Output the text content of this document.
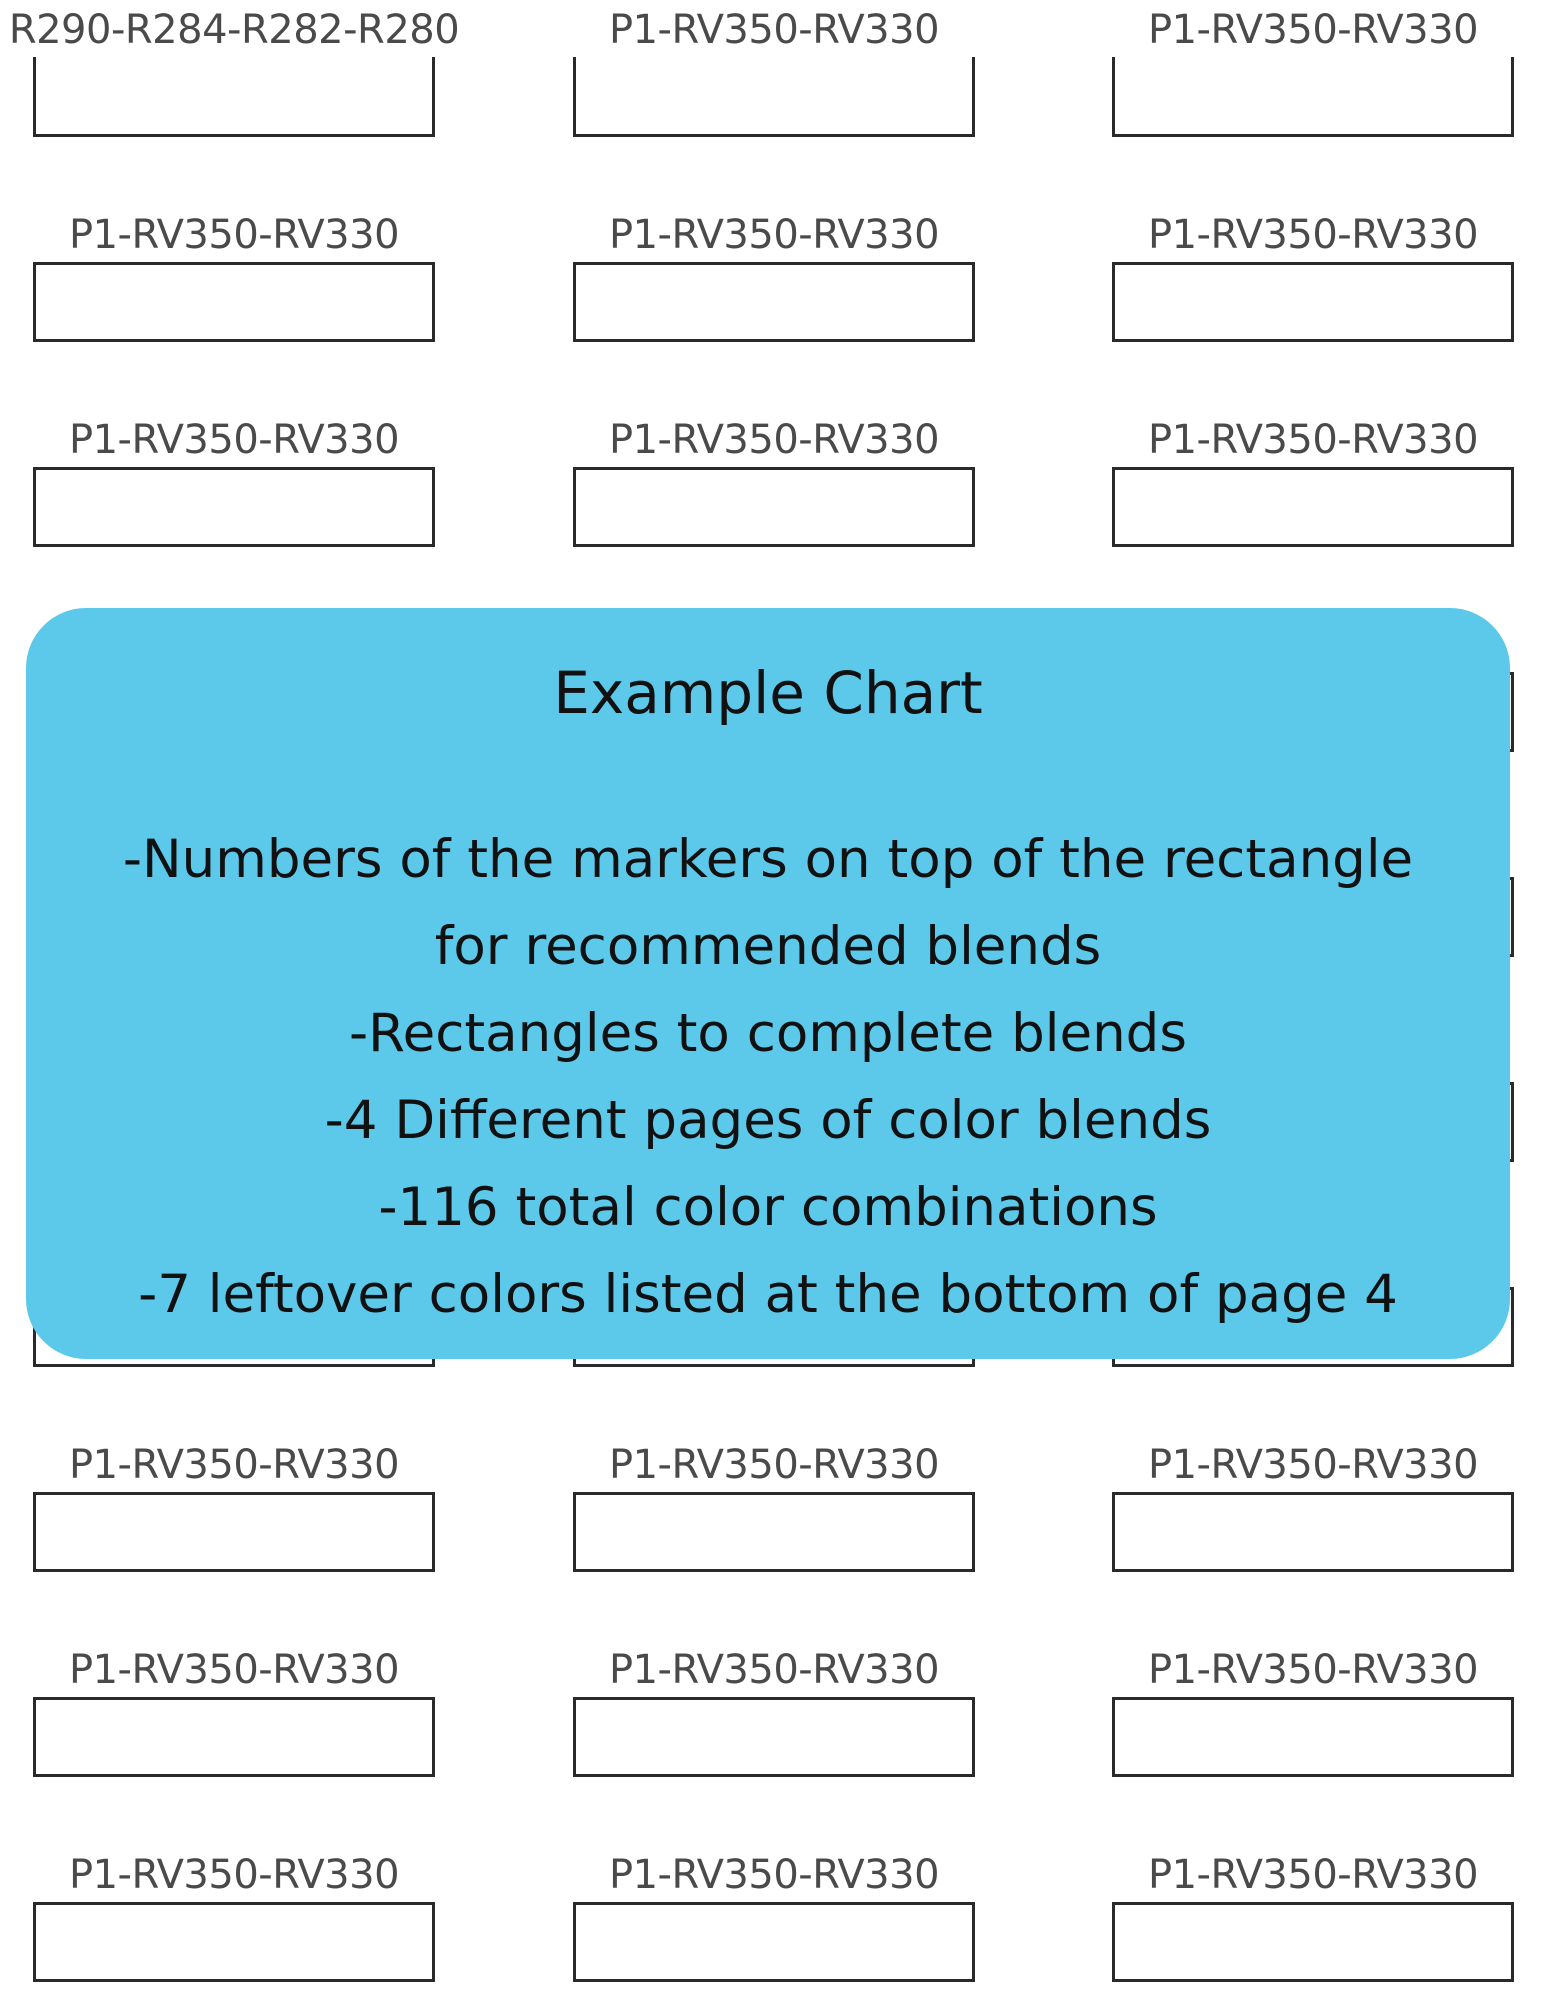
R290-R284-R282-R280	P1-RV350-RV330	P1-RV350-RV330
P1-RV350-RV330	P1-RV350-RV330	P1-RV350-RV330
P1-RV350-RV330	P1-RV350-RV330	P1-RV350-RV330
P1-RV350-RV330	P1-RV350-RV330	P1-RV350-RV330
P1-RV350-RV330	P1-RV350-RV330	P1-RV350-RV330
P1-RV350-RV330	P1-RV350-RV330	P1-RV350-RV330
Example Chart
-Numbers of the markers on top of the rectangle
for recommended blends
-Rectangles to complete blends
-4 Different pages of color blends
-116 total color combinations
-7 leftover colors listed at the bottom of page 4
